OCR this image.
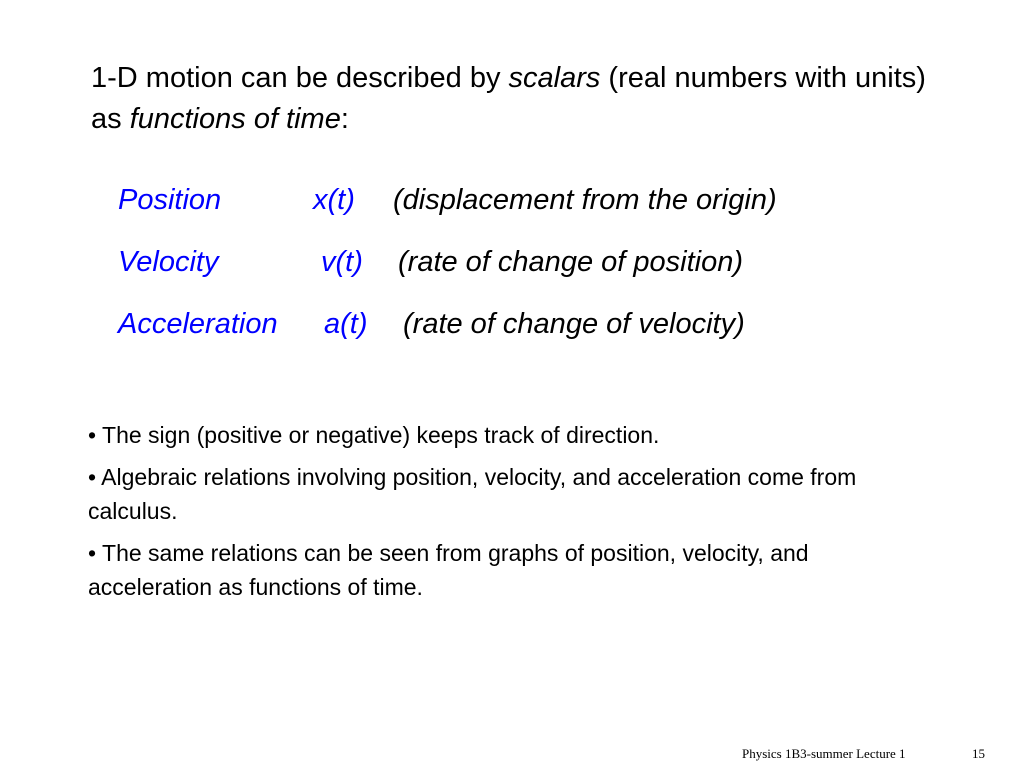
1-D motion can be described by scalars (real numbers with units) as functions of time:

Position	x(t) (displacement from the origin)
Velocity	v(t) (rate of change of position)
Acceleration a(t) (rate of change of velocity)

• The sign (positive or negative) keeps track of direction.

• Algebraic relations involving position, velocity, and acceleration come from calculus.

• The same relations can be seen from graphs of position, velocity, and acceleration as functions of time.

Physics 1B3-summer Lecture 1	15
